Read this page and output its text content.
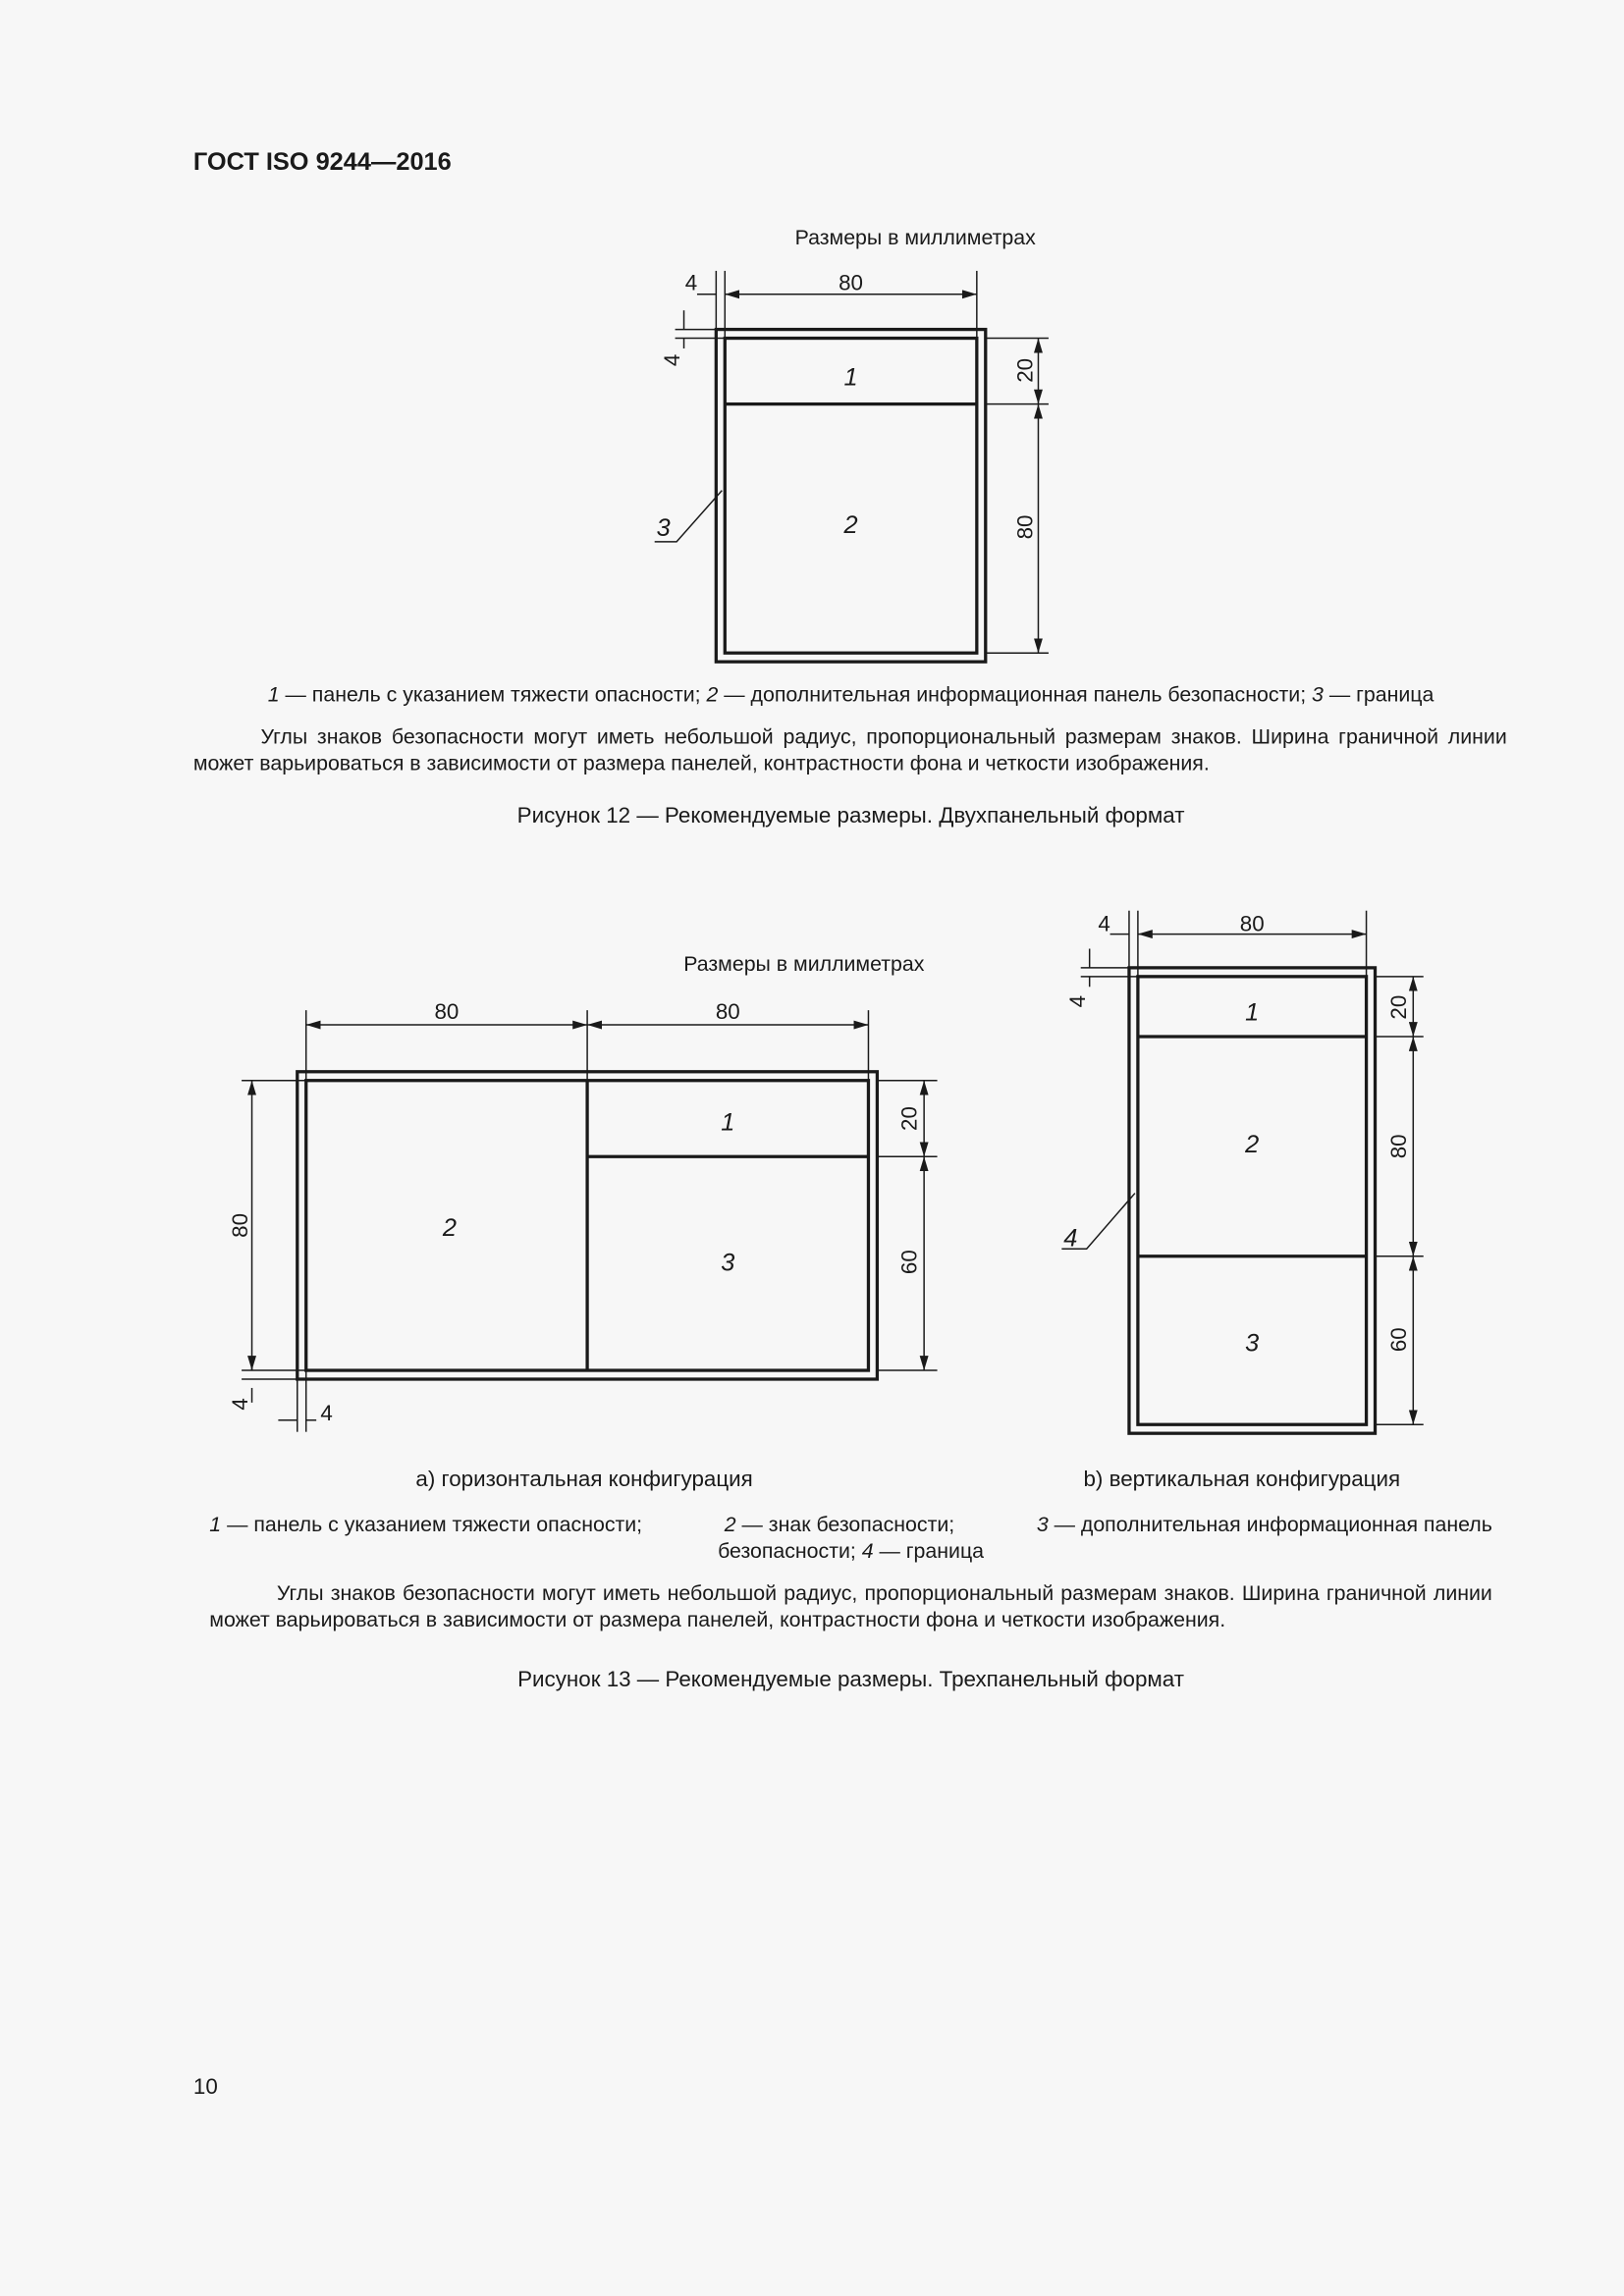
80
4
4	20
80
1
2
3
80	80
80
20
60
4	4
1
2
3
80
4
4	20
80
60
1
2
3
4
ГОСТ ISO 9244—2016
Размеры в миллиметрах
1 — панель с указанием тяжести опасности; 2 — дополнительная информационная панель безопасности; 3 — граница
Углы знаков безопасности могут иметь небольшой радиус, пропорциональный размерам знаков. Ширина граничной линии может варьироваться в зависимости от размера панелей, контрастности фона и четкости изображения.
Рисунок 12 — Рекомендуемые размеры. Двухпанельный формат
Размеры в миллиметрах
a) горизонтальная конфигурация	b) вертикальная конфигурация
1 — панель с указанием тяжести опасности;	2 — знак безопасности;	3 — дополнительная информационная панель
безопасности; 4 — граница
Углы знаков безопасности могут иметь небольшой радиус, пропорциональный размерам знаков. Ширина граничной линии может варьироваться в зависимости от размера панелей, контрастности фона и четкости изображения.
Рисунок 13 — Рекомендуемые размеры. Трехпанельный формат
10
